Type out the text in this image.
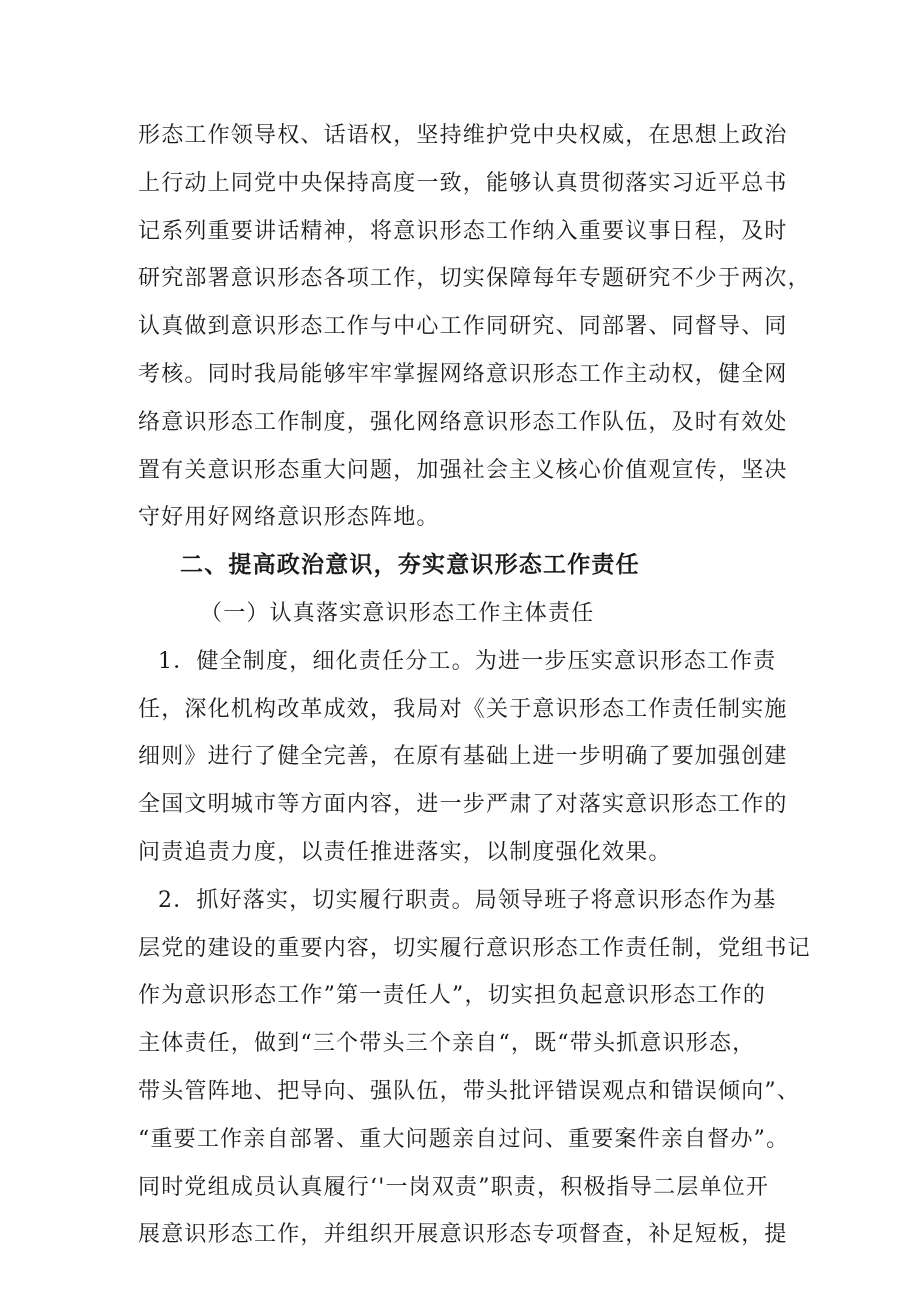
形态工作领导权、话语权，坚持维护党中央权威，在思想上政治
上行动上同党中央保持高度一致，能够认真贯彻落实习近平总书
记系列重要讲话精神，将意识形态工作纳入重要议事日程，及时
研究部署意识形态各项工作，切实保障每年专题研究不少于两次，
认真做到意识形态工作与中心工作同研究、同部署、同督导、同
考核。同时我局能够牢牢掌握网络意识形态工作主动权，健全网
络意识形态工作制度，强化网络意识形态工作队伍，及时有效处
置有关意识形态重大问题，加强社会主义核心价值观宣传，坚决
守好用好网络意识形态阵地。
二、提高政治意识，夯实意识形态工作责任
（一）认真落实意识形态工作主体责任
1．健全制度，细化责任分工。为进一步压实意识形态工作责
任，深化机构改革成效，我局对《关于意识形态工作责任制实施
细则》进行了健全完善，在原有基础上进一步明确了要加强创建
全国文明城市等方面内容，进一步严肃了对落实意识形态工作的
问责追责力度，以责任推进落实，以制度强化效果。
2．抓好落实，切实履行职责。局领导班子将意识形态作为基
层党的建设的重要内容，切实履行意识形态工作责任制，党组书记
作为意识形态工作”第一责任人”，切实担负起意识形态工作的
主体责任，做到“三个带头三个亲自“，既“带头抓意识形态，
带头管阵地、把导向、强队伍，带头批评错误观点和错误倾向”、
“重要工作亲自部署、重大问题亲自过问、重要案件亲自督办”。
同时党组成员认真履行‘'一岗双责”职责，积极指导二层单位开
展意识形态工作，并组织开展意识形态专项督查，补足短板，提
